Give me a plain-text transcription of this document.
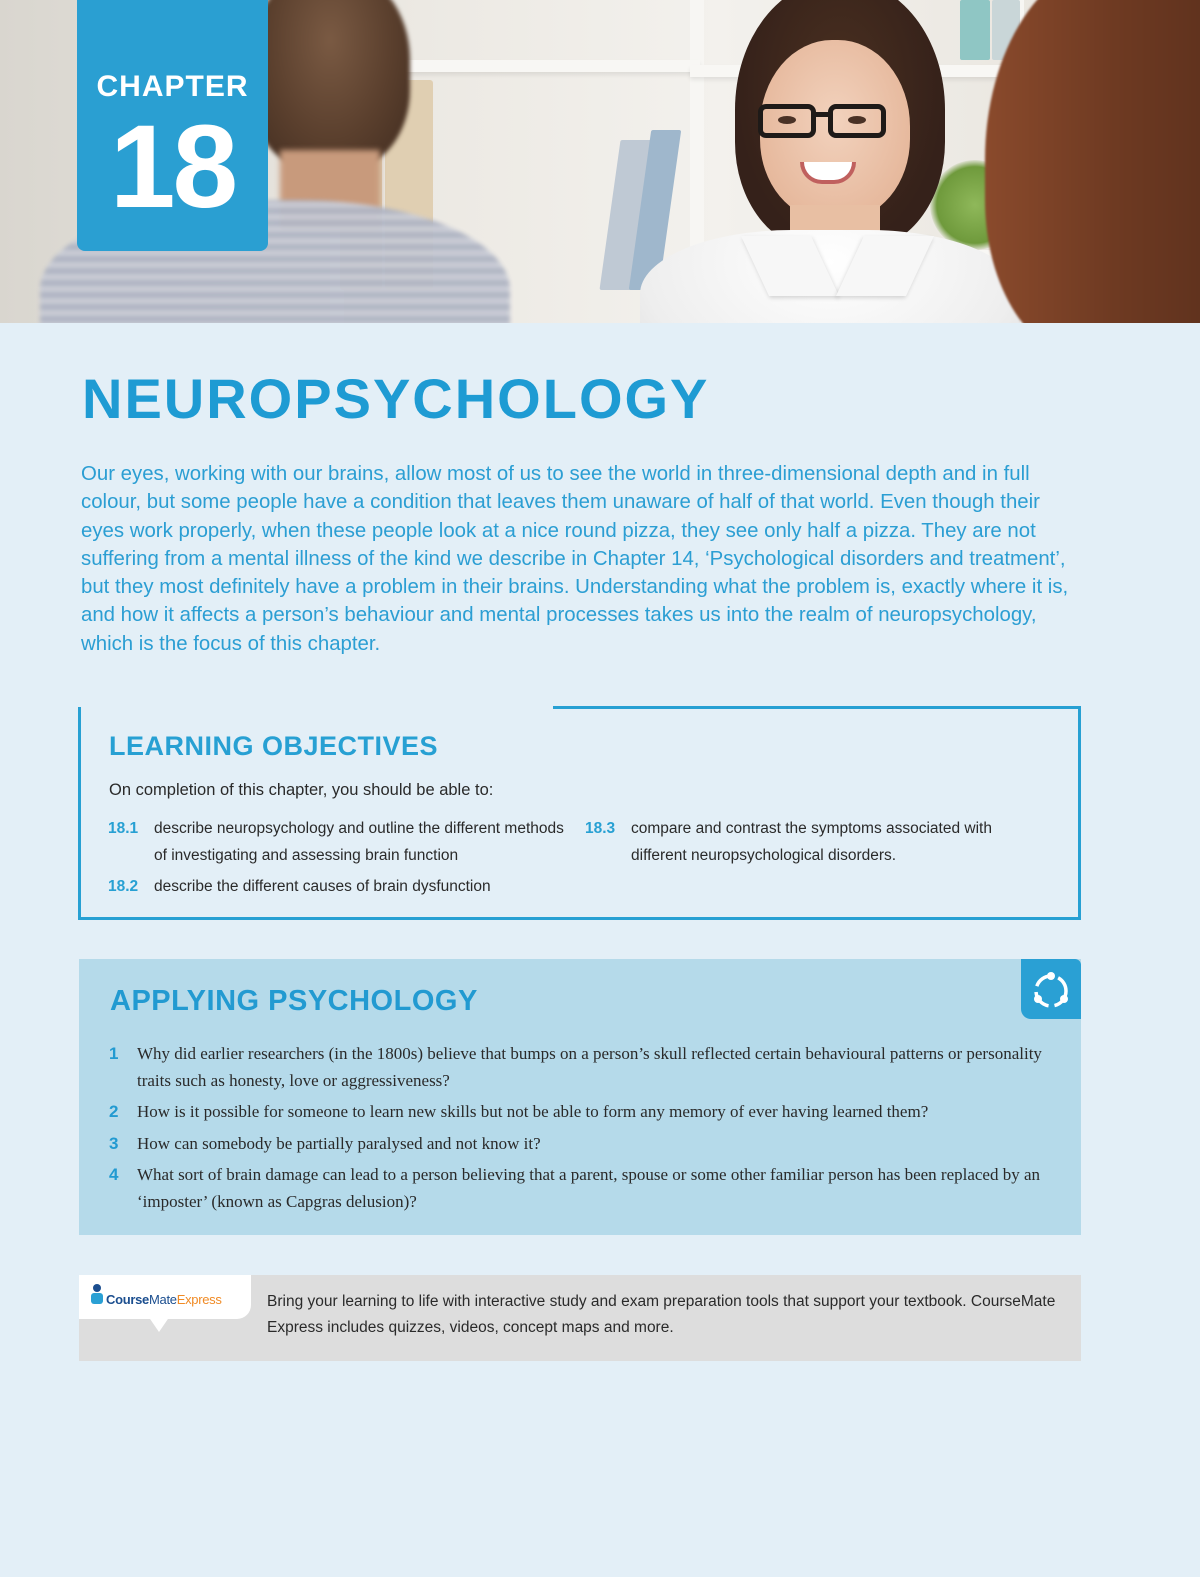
CHAPTER
18
NEUROPSYCHOLOGY

Our eyes, working with our brains, allow most of us to see the world in three-dimensional depth and in full colour, but some people have a condition that leaves them unaware of half of that world. Even though their eyes work properly, when these people look at a nice round pizza, they see only half a pizza. They are not suffering from a mental illness of the kind we describe in Chapter 14, ‘Psychological disorders and treatment’, but they most definitely have a problem in their brains. Understanding what the problem is, exactly where it is, and how it affects a person’s behaviour and mental processes takes us into the realm of neuropsychology, which is the focus of this chapter.

LEARNING OBJECTIVES

On completion of this chapter, you should be able to:

18.1 describe neuropsychology and outline the different methods of investigating and assessing brain function
18.2 describe the different causes of brain dysfunction
18.3 compare and contrast the symptoms associated with different neuropsychological disorders.
APPLYING PSYCHOLOGY
1 Why did earlier researchers (in the 1800s) believe that bumps on a person’s skull reflected certain behavioural patterns or personality traits such as honesty, love or aggressiveness?
2 How is it possible for someone to learn new skills but not be able to form any memory of ever having learned them?
3 How can somebody be partially paralysed and not know it?
4 What sort of brain damage can lead to a person believing that a parent, spouse or some other familiar person has been replaced by an ‘imposter’ (known as Capgras delusion)?
CourseMateExpress	Bring your learning to life with interactive study and exam preparation tools that support your textbook. CourseMate Express includes quizzes, videos, concept maps and more.
